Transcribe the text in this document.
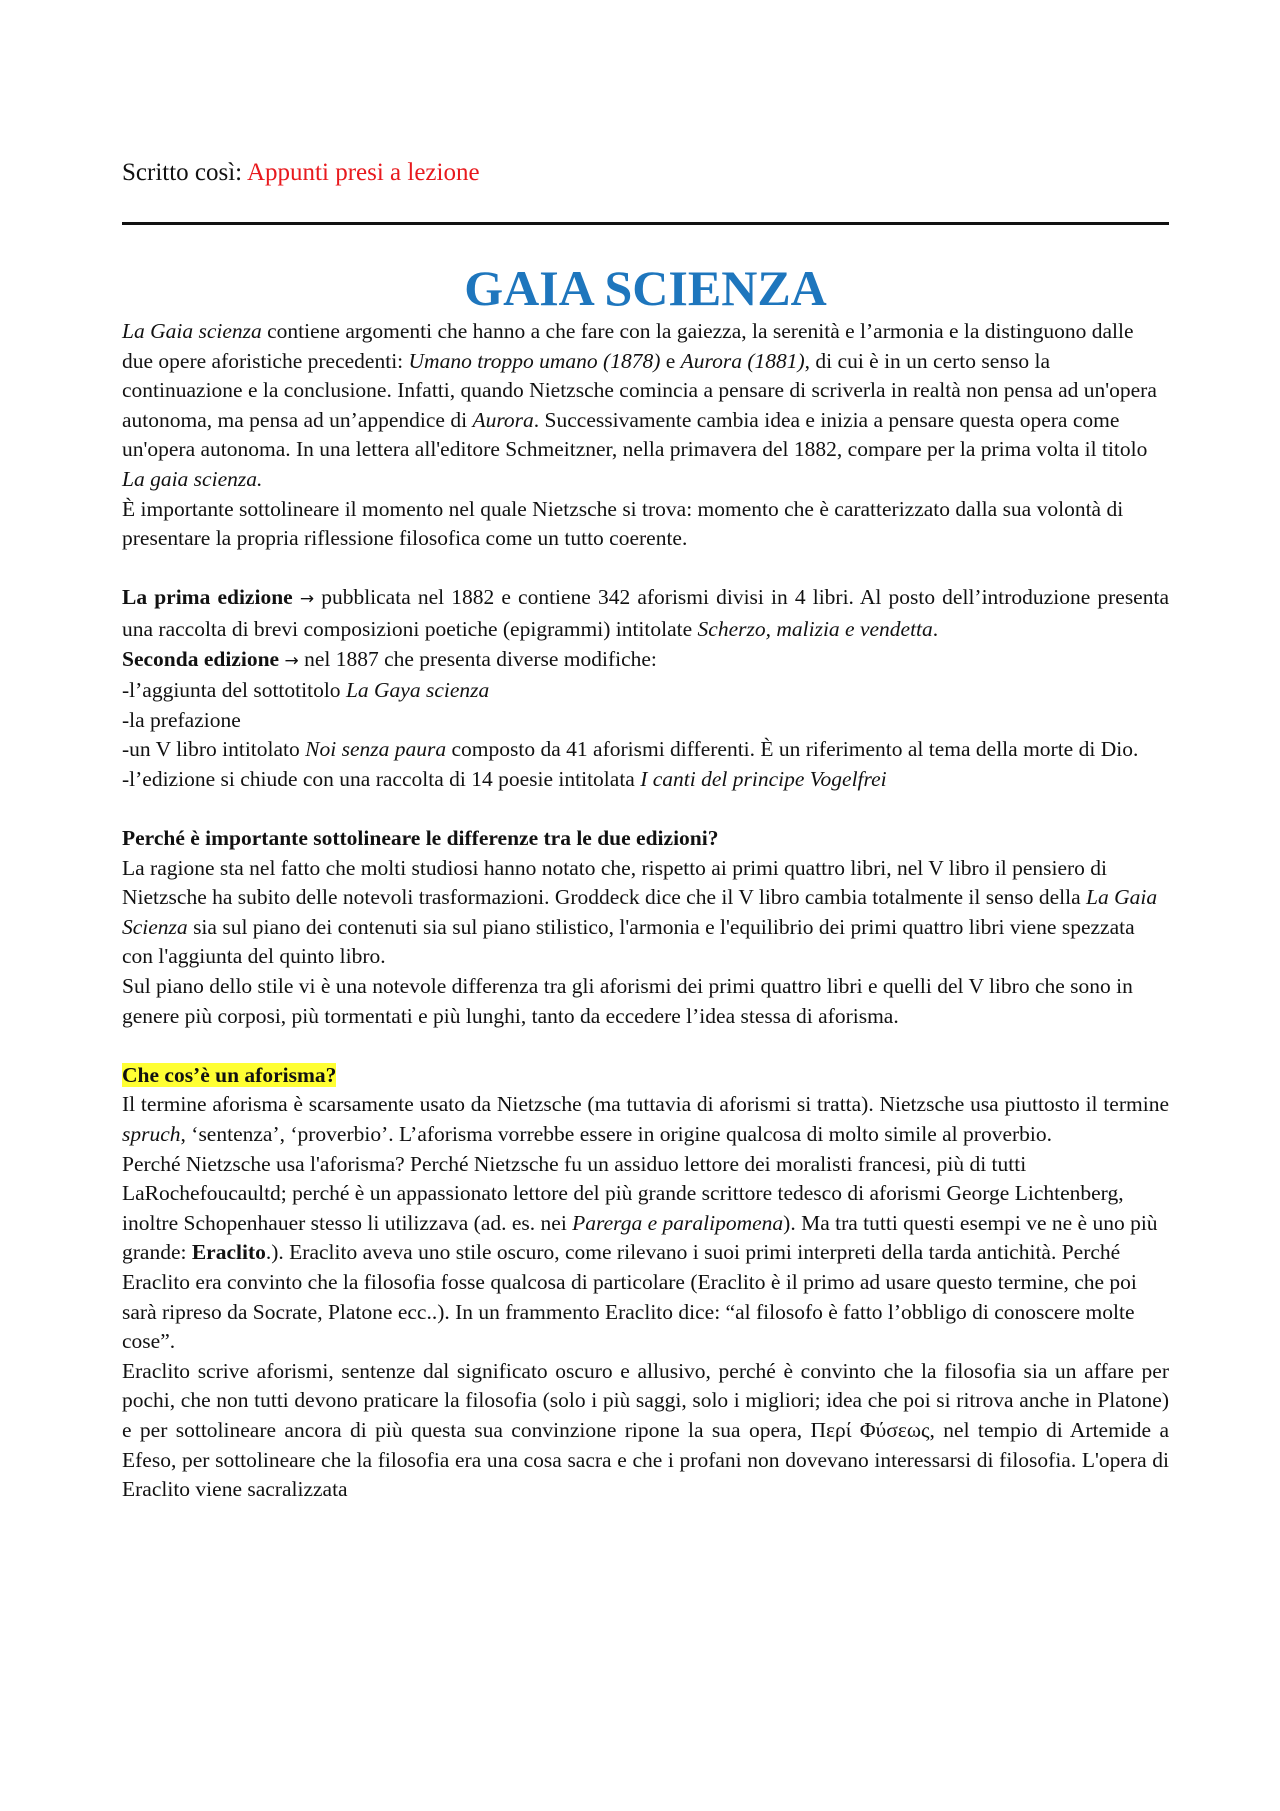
Scritto così: Appunti presi a lezione
GAIA SCIENZA

La Gaia scienza contiene argomenti che hanno a che fare con la gaiezza, la serenità e l’armonia e la distinguono dalle due opere aforistiche precedenti: Umano troppo umano (1878) e Aurora (1881), di cui è in un certo senso la continuazione e la conclusione. Infatti, quando Nietzsche comincia a pensare di scriverla in realtà non pensa ad un'opera autonoma, ma pensa ad un’appendice di Aurora. Successivamente cambia idea e inizia a pensare questa opera come un'opera autonoma. In una lettera all'editore Schmeitzner, nella primavera del 1882, compare per la prima volta il titolo La gaia scienza.

È importante sottolineare il momento nel quale Nietzsche si trova: momento che è caratterizzato dalla sua volontà di presentare la propria riflessione filosofica come un tutto coerente.

La prima edizione → pubblicata nel 1882 e contiene 342 aforismi divisi in 4 libri. Al posto dell’introduzione presenta una raccolta di brevi composizioni poetiche (epigrammi) intitolate Scherzo, malizia e vendetta.

Seconda edizione → nel 1887 che presenta diverse modifiche:

-l’aggiunta del sottotitolo La Gaya scienza

-la prefazione

-un V libro intitolato Noi senza paura composto da 41 aforismi differenti. È un riferimento al tema della morte di Dio.

-l’edizione si chiude con una raccolta di 14 poesie intitolata I canti del principe Vogelfrei

Perché è importante sottolineare le differenze tra le due edizioni?

La ragione sta nel fatto che molti studiosi hanno notato che, rispetto ai primi quattro libri, nel V libro il pensiero di Nietzsche ha subito delle notevoli trasformazioni. Groddeck dice che il V libro cambia totalmente il senso della La Gaia Scienza sia sul piano dei contenuti sia sul piano stilistico, l'armonia e l'equilibrio dei primi quattro libri viene spezzata con l'aggiunta del quinto libro.

Sul piano dello stile vi è una notevole differenza tra gli aforismi dei primi quattro libri e quelli del V libro che sono in genere più corposi, più tormentati e più lunghi, tanto da eccedere l’idea stessa di aforisma.

Che cos’è un aforisma?

Il termine aforisma è scarsamente usato da Nietzsche (ma tuttavia di aforismi si tratta). Nietzsche usa piuttosto il termine spruch, ‘sentenza’, ‘proverbio’. L’aforisma vorrebbe essere in origine qualcosa di molto simile al proverbio.

Perché Nietzsche usa l'aforisma? Perché Nietzsche fu un assiduo lettore dei moralisti francesi, più di tutti LaRochefoucaultd; perché è un appassionato lettore del più grande scrittore tedesco di aforismi George Lichtenberg, inoltre Schopenhauer stesso li utilizzava (ad. es. nei Parerga e paralipomena). Ma tra tutti questi esempi ve ne è uno più grande: Eraclito.). Eraclito aveva uno stile oscuro, come rilevano i suoi primi interpreti della tarda antichità. Perché Eraclito era convinto che la filosofia fosse qualcosa di particolare (Eraclito è il primo ad usare questo termine, che poi sarà ripreso da Socrate, Platone ecc..). In un frammento Eraclito dice: “al filosofo è fatto l’obbligo di conoscere molte cose”.

Eraclito scrive aforismi, sentenze dal significato oscuro e allusivo, perché è convinto che la filosofia sia un affare per pochi, che non tutti devono praticare la filosofia (solo i più saggi, solo i migliori; idea che poi si ritrova anche in Platone) e per sottolineare ancora di più questa sua convinzione ripone la sua opera, Περί Φύσεως, nel tempio di Artemide a Efeso, per sottolineare che la filosofia era una cosa sacra e che i profani non dovevano interessarsi di filosofia. L'opera di Eraclito viene sacralizzata
